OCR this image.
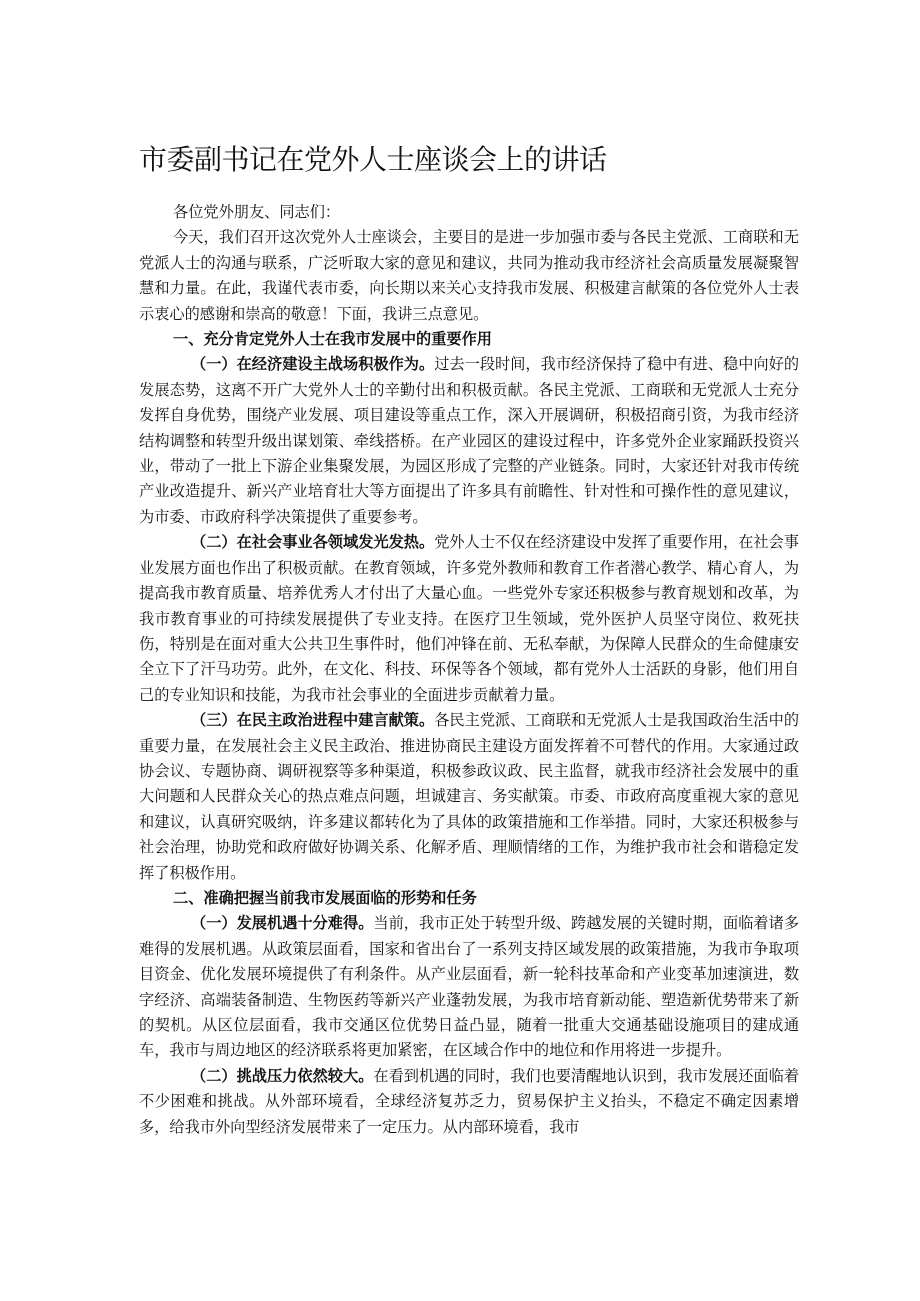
市委副书记在党外人士座谈会上的讲话

各位党外朋友、同志们：

今天，我们召开这次党外人士座谈会，主要目的是进一步加强市委与各民主党派、工商联和无党派人士的沟通与联系，广泛听取大家的意见和建议，共同为推动我市经济社会高质量发展凝聚智慧和力量。在此，我谨代表市委，向长期以来关心支持我市发展、积极建言献策的各位党外人士表示衷心的感谢和崇高的敬意！下面，我讲三点意见。

一、充分肯定党外人士在我市发展中的重要作用

（一）在经济建设主战场积极作为。过去一段时间，我市经济保持了稳中有进、稳中向好的发展态势，这离不开广大党外人士的辛勤付出和积极贡献。各民主党派、工商联和无党派人士充分发挥自身优势，围绕产业发展、项目建设等重点工作，深入开展调研，积极招商引资，为我市经济结构调整和转型升级出谋划策、牵线搭桥。在产业园区的建设过程中，许多党外企业家踊跃投资兴业，带动了一批上下游企业集聚发展，为园区形成了完整的产业链条。同时，大家还针对我市传统产业改造提升、新兴产业培育壮大等方面提出了许多具有前瞻性、针对性和可操作性的意见建议，为市委、市政府科学决策提供了重要参考。

（二）在社会事业各领域发光发热。党外人士不仅在经济建设中发挥了重要作用，在社会事业发展方面也作出了积极贡献。在教育领域，许多党外教师和教育工作者潜心教学、精心育人，为提高我市教育质量、培养优秀人才付出了大量心血。一些党外专家还积极参与教育规划和改革，为我市教育事业的可持续发展提供了专业支持。在医疗卫生领域，党外医护人员坚守岗位、救死扶伤，特别是在面对重大公共卫生事件时，他们冲锋在前、无私奉献，为保障人民群众的生命健康安全立下了汗马功劳。此外，在文化、科技、环保等各个领域，都有党外人士活跃的身影，他们用自己的专业知识和技能，为我市社会事业的全面进步贡献着力量。

（三）在民主政治进程中建言献策。各民主党派、工商联和无党派人士是我国政治生活中的重要力量，在发展社会主义民主政治、推进协商民主建设方面发挥着不可替代的作用。大家通过政协会议、专题协商、调研视察等多种渠道，积极参政议政、民主监督，就我市经济社会发展中的重大问题和人民群众关心的热点难点问题，坦诚建言、务实献策。市委、市政府高度重视大家的意见和建议，认真研究吸纳，许多建议都转化为了具体的政策措施和工作举措。同时，大家还积极参与社会治理，协助党和政府做好协调关系、化解矛盾、理顺情绪的工作，为维护我市社会和谐稳定发挥了积极作用。

二、准确把握当前我市发展面临的形势和任务

（一）发展机遇十分难得。当前，我市正处于转型升级、跨越发展的关键时期，面临着诸多难得的发展机遇。从政策层面看，国家和省出台了一系列支持区域发展的政策措施，为我市争取项目资金、优化发展环境提供了有利条件。从产业层面看，新一轮科技革命和产业变革加速演进，数字经济、高端装备制造、生物医药等新兴产业蓬勃发展，为我市培育新动能、塑造新优势带来了新的契机。从区位层面看，我市交通区位优势日益凸显，随着一批重大交通基础设施项目的建成通车，我市与周边地区的经济联系将更加紧密，在区域合作中的地位和作用将进一步提升。

（二）挑战压力依然较大。在看到机遇的同时，我们也要清醒地认识到，我市发展还面临着不少困难和挑战。从外部环境看，全球经济复苏乏力，贸易保护主义抬头，不稳定不确定因素增多，给我市外向型经济发展带来了一定压力。从内部环境看，我市
